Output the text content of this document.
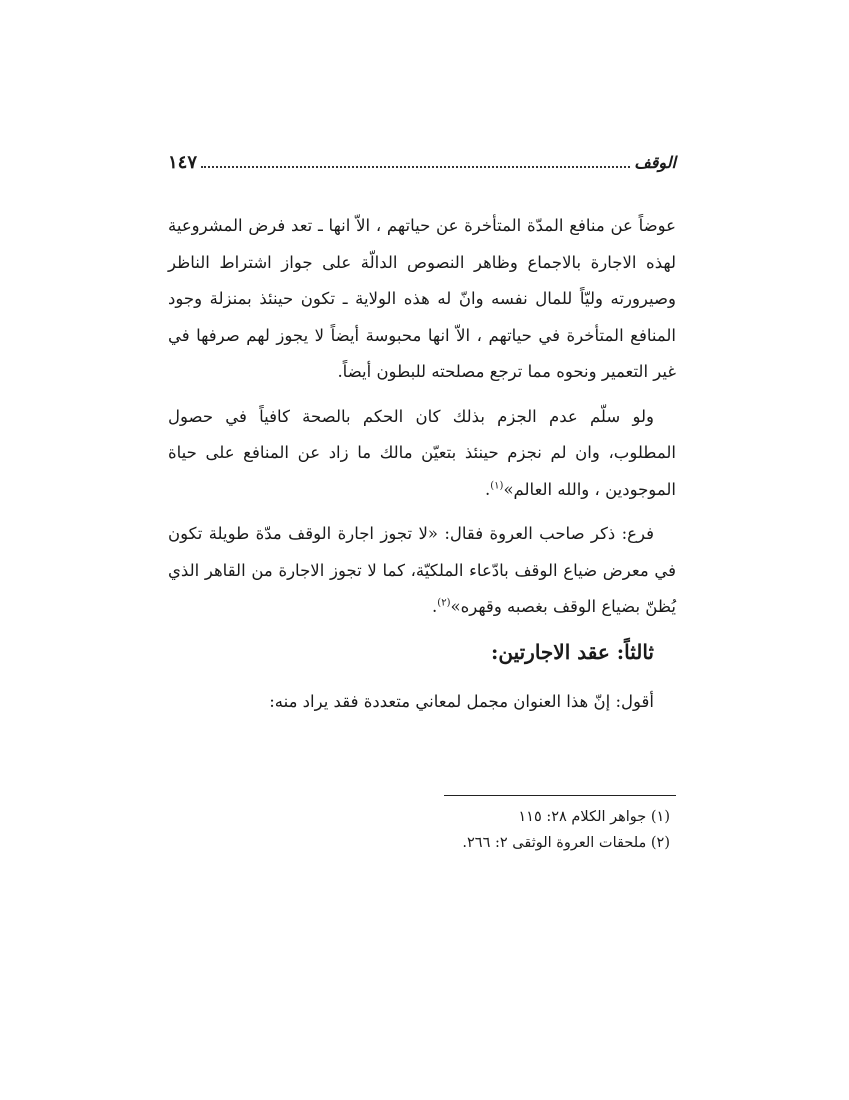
الوقف
١٤٧

عوضاً عن منافع المدّة المتأخرة عن حياتهم ، الاّ انها ـ تعد فرض المشروعية لهذه الاجارة بالاجماع وظاهر النصوص الدالّة على جواز اشتراط الناظر وصيرورته وليّاً للمال نفسه وانّ له هذه الولاية ـ تكون حينئذ بمنزلة وجود المنافع المتأخرة في حياتهم ، الاّ انها محبوسة أيضاً لا يجوز لهم صرفها في غير التعمير ونحوه مما ترجع مصلحته للبطون أيضاً.

ولو سلّم عدم الجزم بذلك كان الحكم بالصحة كافياً في حصول المطلوب، وان لم نجزم حينئذ بتعيّن مالك ما زاد عن المنافع على حياة الموجودين ، والله العالم»$^{(١)}$.

فرع: ذكر صاحب العروة فقال: «لا تجوز اجارة الوقف مدّة طويلة تكون في معرض ضياع الوقف بادّعاء الملكيّة، كما لا تجوز الاجارة من القاهر الذي يُظنّ بضياع الوقف بغصبه وقهره»$^{(٢)}$.

ثالثاً: عقد الاجارتين:

أقول: إنّ هذا العنوان مجمل لمعاني متعددة فقد يراد منه:

(١) جواهر الكلام ٢٨: ١١٥
(٢) ملحقات العروة الوثقى ٢: ٢٦٦.
